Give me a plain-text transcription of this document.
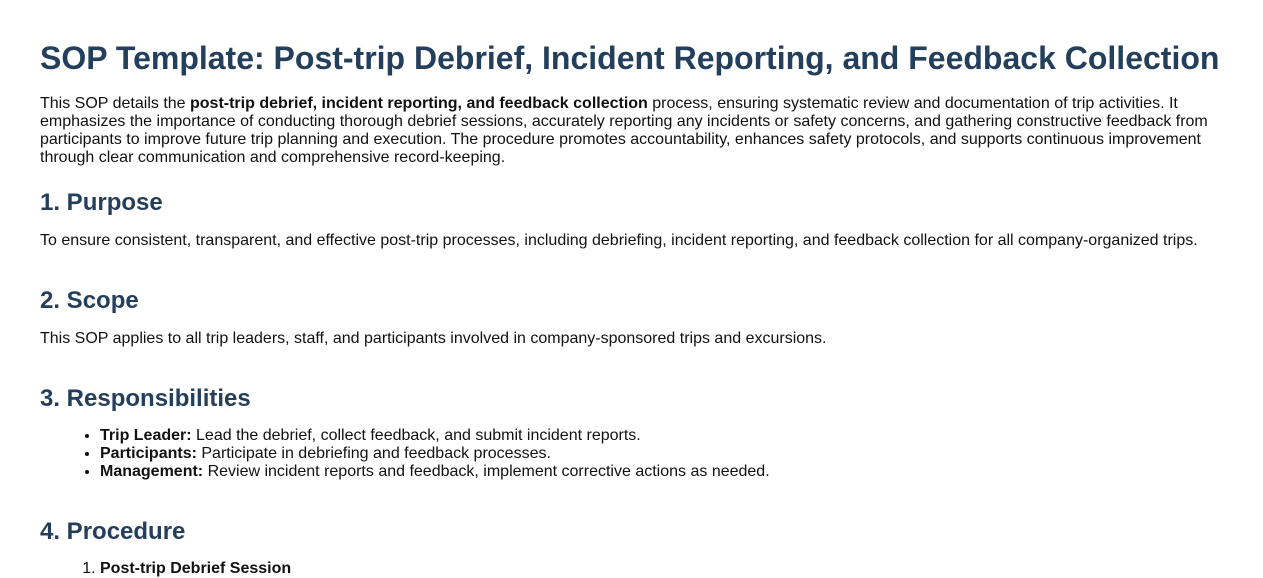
SOP Template: Post-trip Debrief, Incident Reporting, and Feedback Collection

This SOP details the post-trip debrief, incident reporting, and feedback collection process, ensuring systematic review and documentation of trip activities. It emphasizes the importance of conducting thorough debrief sessions, accurately reporting any incidents or safety concerns, and gathering constructive feedback from participants to improve future trip planning and execution. The procedure promotes accountability, enhances safety protocols, and supports continuous improvement through clear communication and comprehensive record-keeping.

1. Purpose

To ensure consistent, transparent, and effective post-trip processes, including debriefing, incident reporting, and feedback collection for all company-organized trips.

2. Scope

This SOP applies to all trip leaders, staff, and participants involved in company-sponsored trips and excursions.

3. Responsibilities
• Trip Leader: Lead the debrief, collect feedback, and submit incident reports.
• Participants: Participate in debriefing and feedback processes.
• Management: Review incident reports and feedback, implement corrective actions as needed.
4. Procedure
1. Post-trip Debrief Session
